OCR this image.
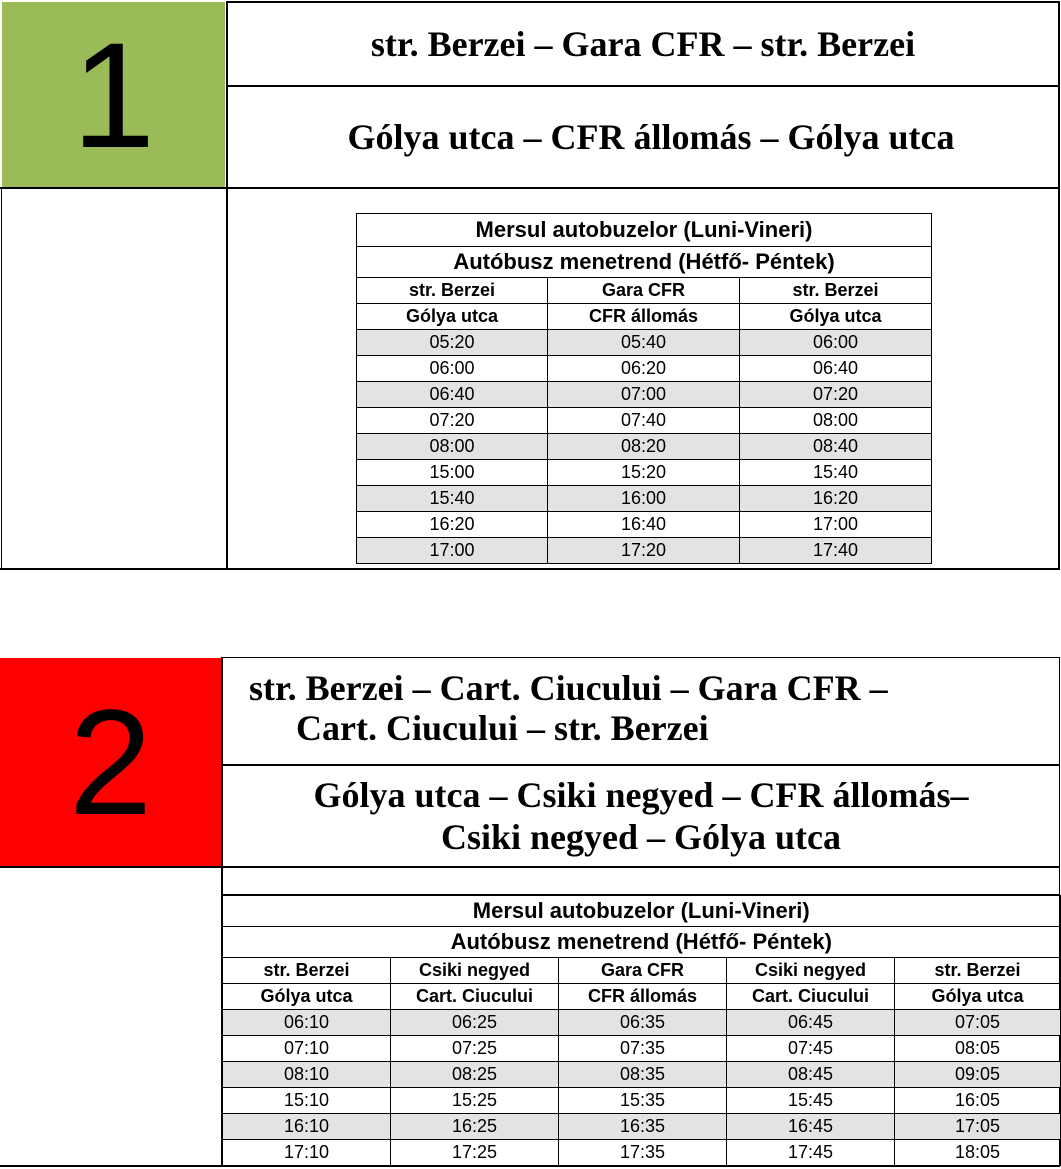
1	str. Berzei – Gara CFR – str. Berzei
Gólya utca – CFR állomás – Gólya utca
Mersul autobuzelor (Luni-Vineri)		
Autóbusz menetrend (Hétfő- Péntek)		
str. Berzei	Gara CFR	str. Berzei
Gólya utca	CFR állomás	Gólya utca
05:20	05:40	06:00
06:00	06:20	06:40
06:40	07:00	07:20
07:20	07:40	08:00
08:00	08:20	08:40
15:00	15:20	15:40
15:40	16:00	16:20
16:20	16:40	17:00
17:00	17:20	17:40
2	str. Berzei – Cart. Ciucului – Gara CFR –
Cart. Ciucului – str. Berzei
Gólya utca – Csiki negyed – CFR állomás–
Csiki negyed – Gólya utca
Mersul autobuzelor (Luni-Vineri)				
Autóbusz menetrend (Hétfő- Péntek)				
str. Berzei	Csiki negyed	Gara CFR	Csiki negyed	str. Berzei
Gólya utca	Cart. Ciucului	CFR állomás	Cart. Ciucului	Gólya utca
06:10	06:25	06:35	06:45	07:05
07:10	07:25	07:35	07:45	08:05
08:10	08:25	08:35	08:45	09:05
15:10	15:25	15:35	15:45	16:05
16:10	16:25	16:35	16:45	17:05
17:10	17:25	17:35	17:45	18:05
